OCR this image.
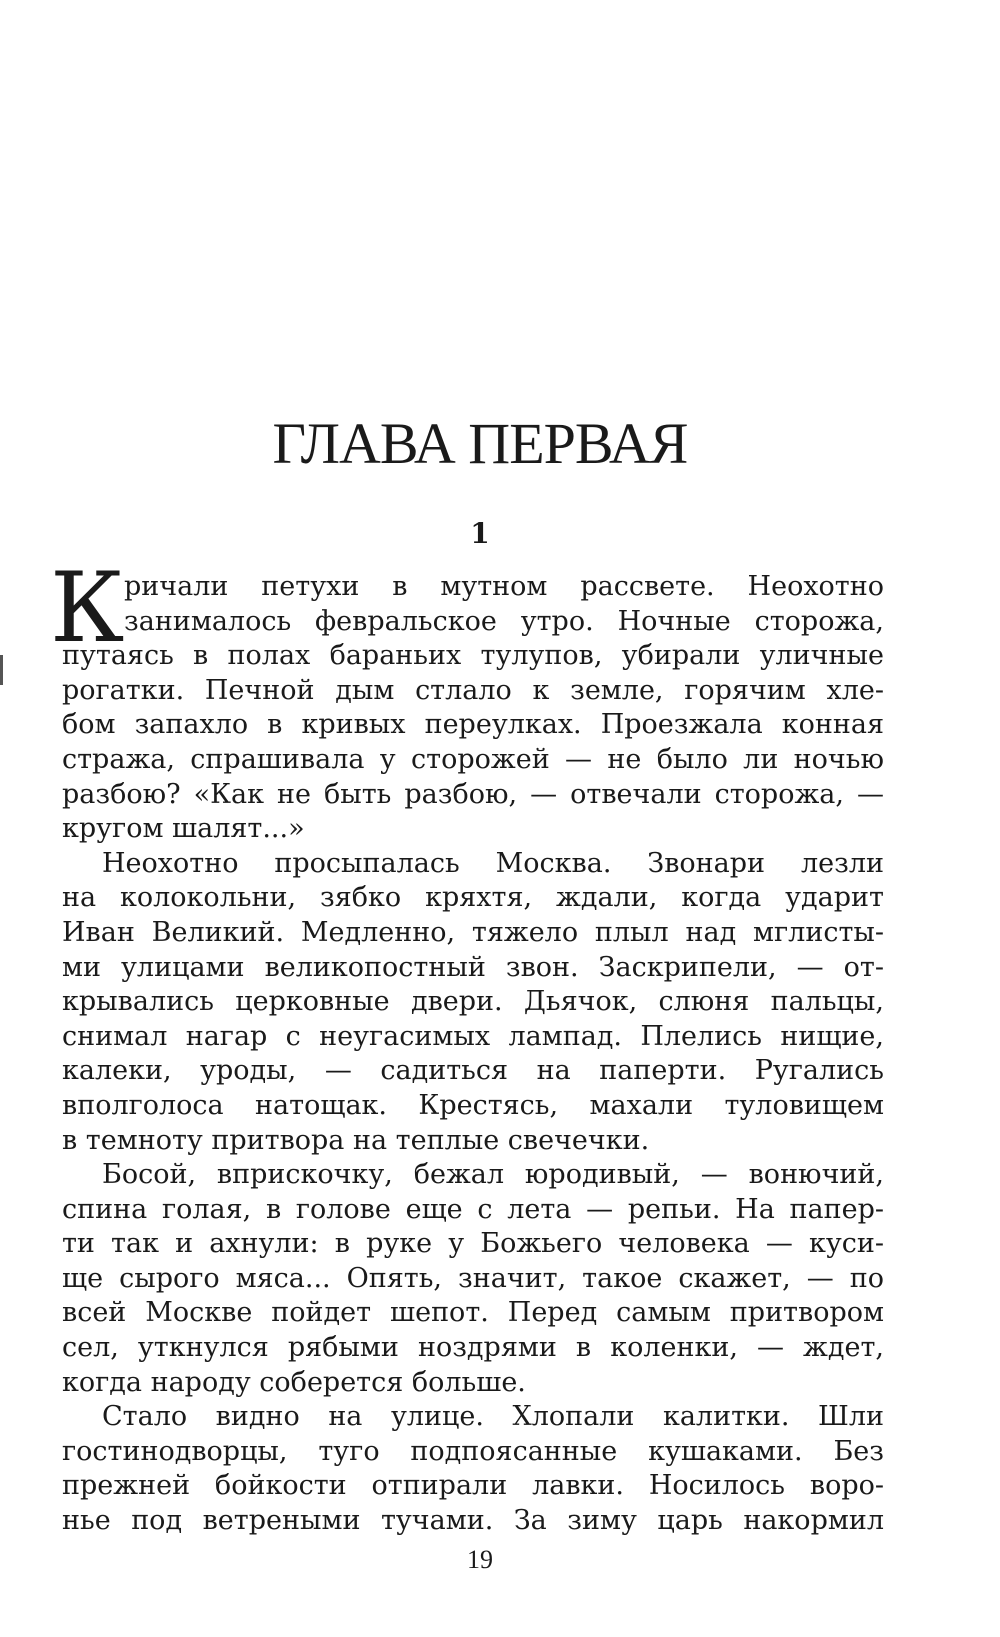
ГЛАВА ПЕРВАЯ
1
К ричали петухи в мутном рассвете. Неохотно
занималось февральское утро. Ночные сторожа,
путаясь в полах бараньих тулупов, убирали уличные
рогатки. Печной дым стлало к земле, горячим хле-
бом запахло в кривых переулках. Проезжала конная
стража, спрашивала у сторожей — не было ли ночью
разбою? «Как не быть разбою, — отвечали сторожа, —
кругом шалят...»
Неохотно просыпалась Москва. Звонари лезли
на колокольни, зябко кряхтя, ждали, когда ударит
Иван Великий. Медленно, тяжело плыл над мглисты-
ми улицами великопостный звон. Заскрипели, — от-
крывались церковные двери. Дьячок, слюня пальцы,
снимал нагар с неугасимых лампад. Плелись нищие,
калеки, уроды, — садиться на паперти. Ругались
вполголоса натощак. Крестясь, махали туловищем
в темноту притвора на теплые свечечки.
Босой, вприскочку, бежал юродивый, — вонючий,
спина голая, в голове еще с лета — репьи. На папер-
ти так и ахнули: в руке у Божьего человека — куси-
ще сырого мяса... Опять, значит, такое скажет, — по
всей Москве пойдет шепот. Перед самым притвором
сел, уткнулся рябыми ноздрями в коленки, — ждет,
когда народу соберется больше.
Стало видно на улице. Хлопали калитки. Шли
гостинодворцы, туго подпоясанные кушаками. Без
прежней бойкости отпирали лавки. Носилось воро-
нье под ветреными тучами. За зиму царь накормил
19
